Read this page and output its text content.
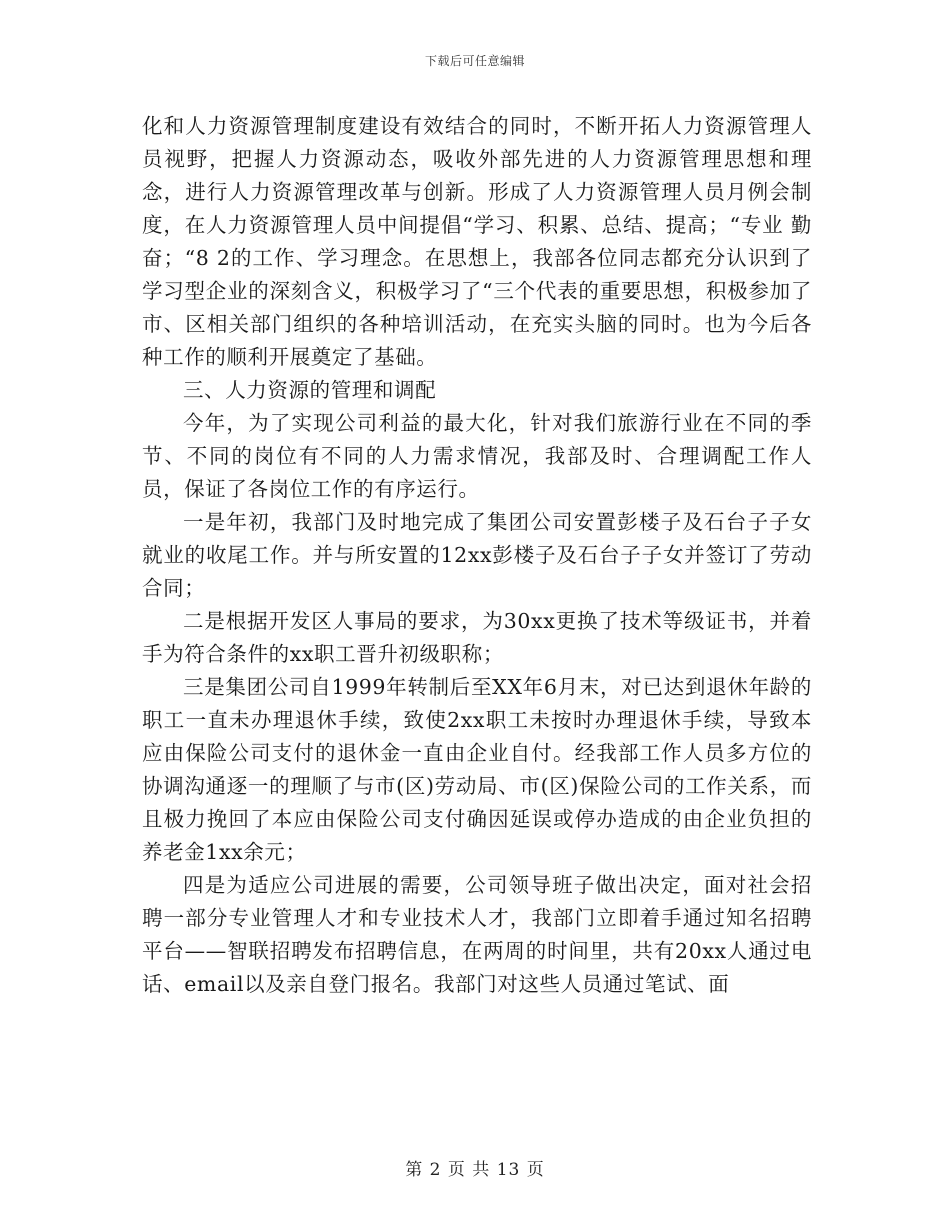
下载后可任意编辑

化和人力资源管理制度建设有效结合的同时，不断开拓人力资源管理人员视野，把握人力资源动态，吸收外部先进的人力资源管理思想和理念，进行人力资源管理改革与创新。形成了人力资源管理人员月例会制度，在人力资源管理人员中间提倡“学习、积累、总结、提高；“专业 勤奋；“8 2的工作、学习理念。在思想上，我部各位同志都充分认识到了学习型企业的深刻含义，积极学习了“三个代表的重要思想，积极参加了市、区相关部门组织的各种培训活动，在充实头脑的同时。也为今后各种工作的顺利开展奠定了基础。

三、人力资源的管理和调配

今年，为了实现公司利益的最大化，针对我们旅游行业在不同的季节、不同的岗位有不同的人力需求情况，我部及时、合理调配工作人员，保证了各岗位工作的有序运行。

一是年初，我部门及时地完成了集团公司安置彭楼子及石台子子女就业的收尾工作。并与所安置的12xx彭楼子及石台子子女并签订了劳动合同；

二是根据开发区人事局的要求，为30xx更换了技术等级证书，并着手为符合条件的xx职工晋升初级职称；

三是集团公司自1999年转制后至XX年6月末，对已达到退休年龄的职工一直未办理退休手续，致使2xx职工未按时办理退休手续，导致本应由保险公司支付的退休金一直由企业自付。经我部工作人员多方位的协调沟通逐一的理顺了与市(区)劳动局、市(区)保险公司的工作关系，而且极力挽回了本应由保险公司支付确因延误或停办造成的由企业负担的养老金1xx余元；

四是为适应公司进展的需要，公司领导班子做出决定，面对社会招聘一部分专业管理人才和专业技术人才，我部门立即着手通过知名招聘平台——智联招聘发布招聘信息，在两周的时间里，共有20xx人通过电话、email以及亲自登门报名。我部门对这些人员通过笔试、面

第 2 页 共 13 页
